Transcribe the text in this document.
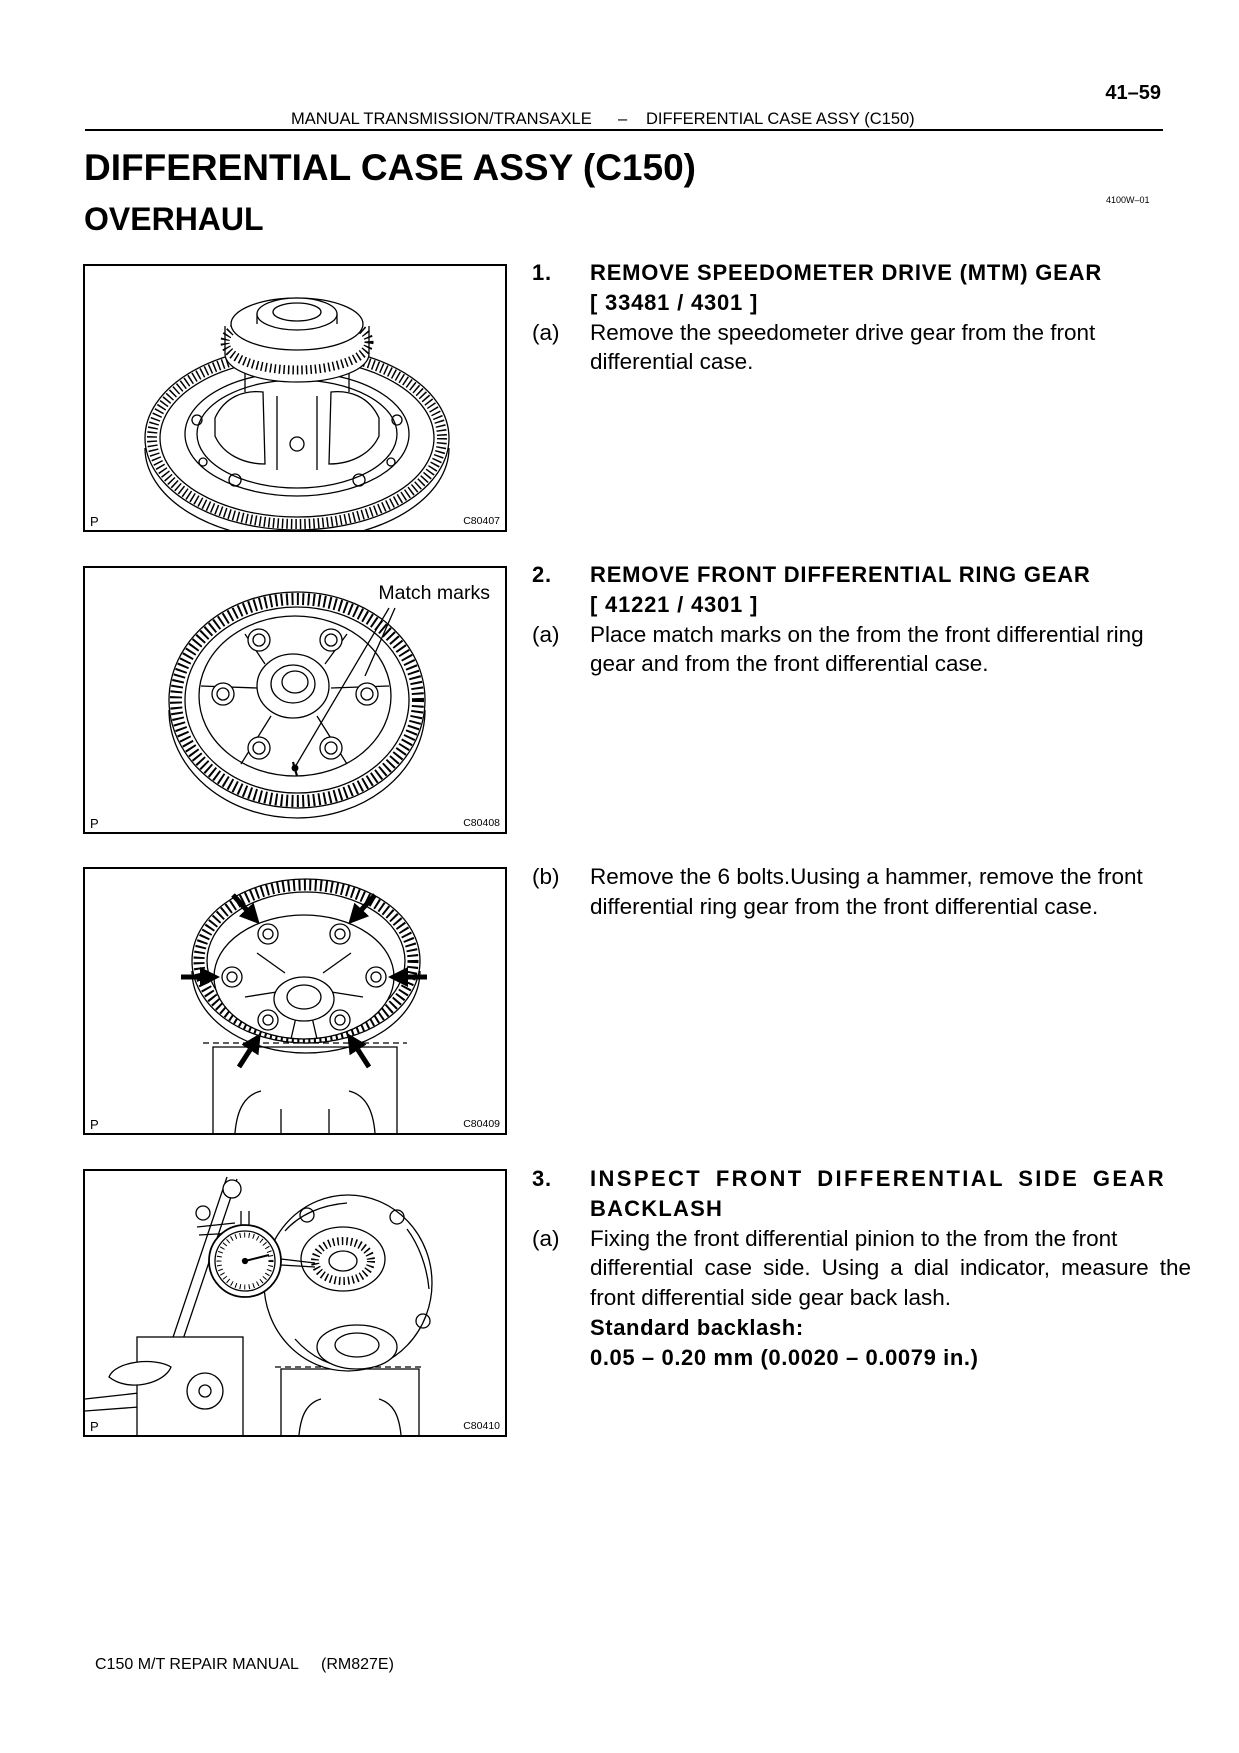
41–59
MANUAL TRANSMISSION/TRANSAXLE – DIFFERENTIAL CASE ASSY (C150)
DIFFERENTIAL CASE ASSY (C150)
4100W–01
OVERHAUL
P	C80407
Match marks
P	C80408
P	C80409
P	C80410
1. REMOVE SPEEDOMETER DRIVE (MTM) GEAR
[ 33481 / 4301 ]
(a) Remove the speedometer drive gear from the front
differential case.
2. REMOVE FRONT DIFFERENTIAL RING GEAR
[ 41221 / 4301 ]
(a) Place match marks on the from the front differential ring
gear and from the front differential case.
(b) Remove the 6 bolts.Uusing a hammer, remove the front
differential ring gear from the front differential case.
3. INSPECT FRONT DIFFERENTIAL SIDE GEAR
BACKLASH
(a) Fixing the front differential pinion to the from the front
differential case side. Using a dial indicator, measure the
front differential side gear back lash.
Standard backlash:
0.05 – 0.20 mm (0.0020 – 0.0079 in.)
C150 M/T REPAIR MANUAL (RM827E)
